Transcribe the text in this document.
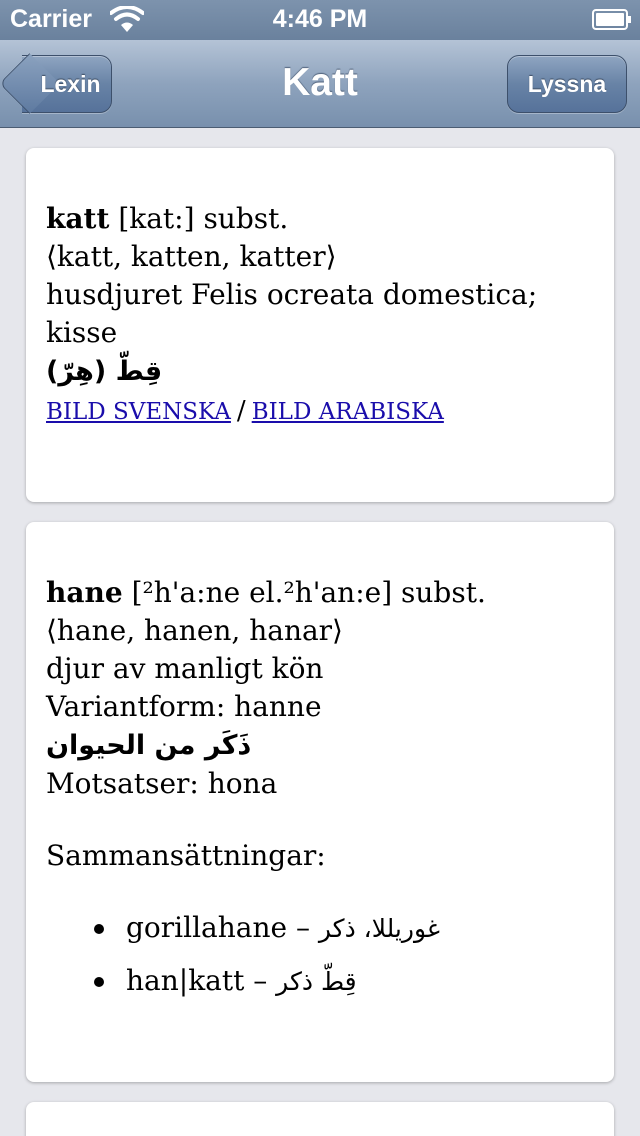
Carrier	4:46 PM
Lexin	Katt	Lyssna
katt [kat:] subst.
⟨katt, katten, katter⟩
husdjuret Felis ocreata domestica;
kisse
قِطّ (هِرّ)
BILD SVENSKA / BILD ARABISKA
hane [²h'a:ne el.²h'an:e] subst.
⟨hane, hanen, hanar⟩
djur av manligt kön
Variantform: hanne
ذَكَر من الحيوان
Motsatser: hona
Sammansättningar:
gorillahane – غوريللا، ذكر
han|katt – قِطّ ذكر
